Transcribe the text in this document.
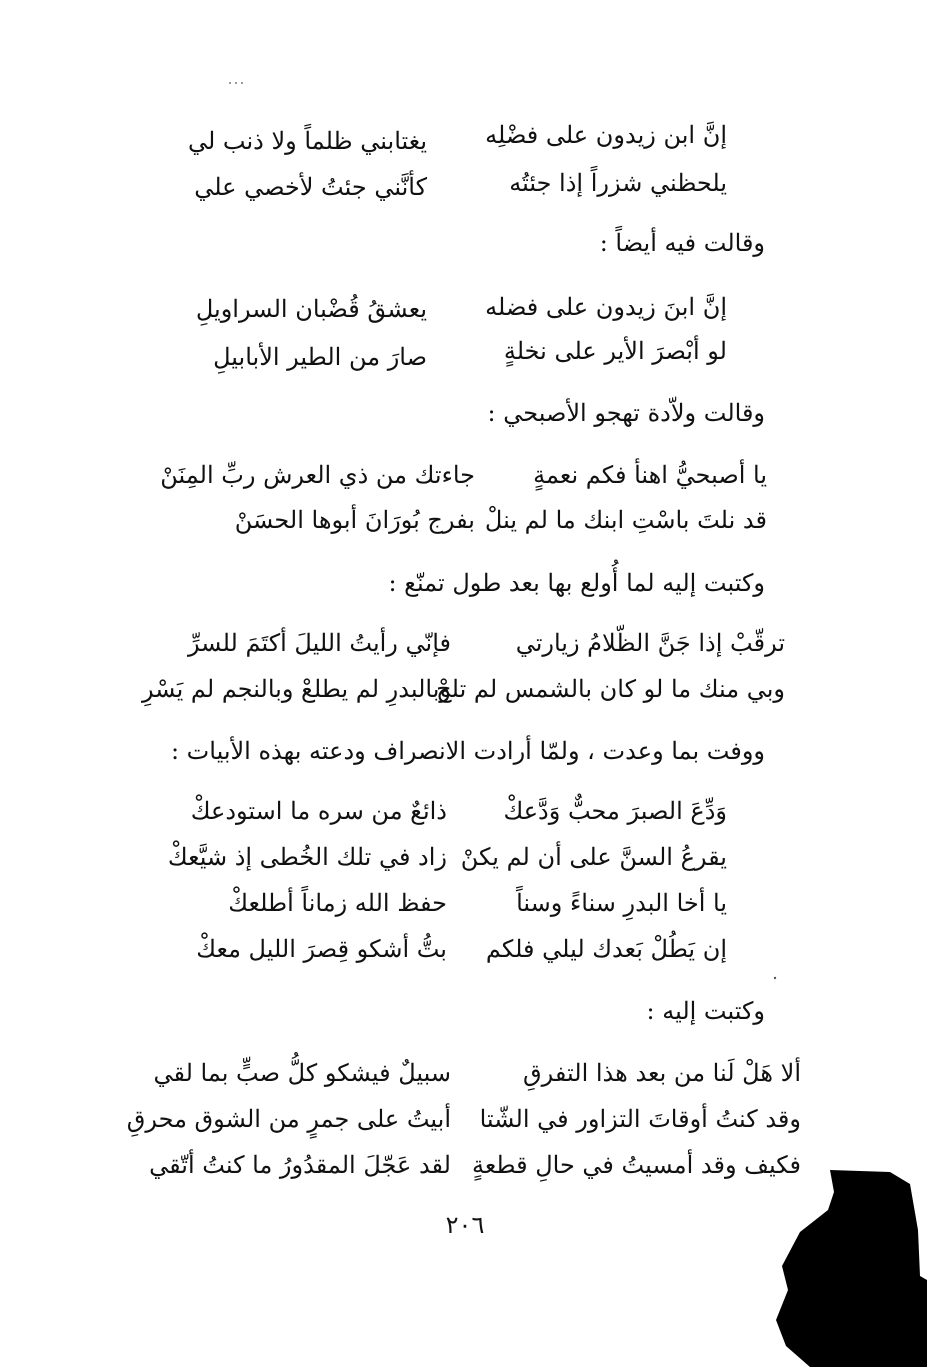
إنَّ ابن زيدون على فضْلِه
يغتابني ظلماً ولا ذنب لي
يلحظني شزراً إذا جئتُه
كأنَّني جئتُ لأخصي علي
وقالت فيه أيضاً :
إنَّ ابنَ زيدون على فضله
يعشقُ قُضْبان السراويلِ
لو أبْصرَ الأير على نخلةٍ
صارَ من الطير الأبابيلِ
وقالت ولاّدة تهجو الأصبحي :
يا أصبحيُّ اهنأ فكم نعمةٍ
جاءتك من ذي العرش ربِّ المِنَنْ
قد نلتَ باسْتِ ابنك ما لم ينلْ
بفرج بُورَانَ أبوها الحسَنْ
وكتبت إليه لما أُولع بها بعد طول تمنّع :
ترقّبْ إذا جَنَّ الظّلامُ زيارتي
فإنّي رأيتُ الليلَ أكتَمَ للسرِّ
وبي منك ما لو كان بالشمس لم تلحْ
وبالبدرِ لم يطلعْ وبالنجم لم يَسْرِ
ووفت بما وعدت ، ولمّا أرادت الانصراف ودعته بهذه الأبيات :
وَدِّعَ الصبرَ محبٌّ وَدَّعكْ
ذائعٌ من سره ما استودعكْ
يقرعُ السنَّ على أن لم يكنْ
زاد في تلك الخُطى إذ شيَّعكْ
يا أخا البدرِ سناءً وسناً
حفظ الله زماناً أطلعكْ
إن يَطُلْ بَعدك ليلي فلكم
بتُّ أشكو قِصرَ الليل معكْ
وكتبت إليه :
ألا هَلْ لَنا من بعد هذا التفرقِ
سبيلٌ فيشكو كلُّ صبٍّ بما لقي
وقد كنتُ أوقاتَ التزاور في الشّتا
أبيتُ على جمرٍ من الشوق محرقِ
فكيف وقد أمسيتُ في حالِ قطعةٍ
لقد عَجّلَ المقدُورُ ما كنتُ أتّقي
٢٠٦
